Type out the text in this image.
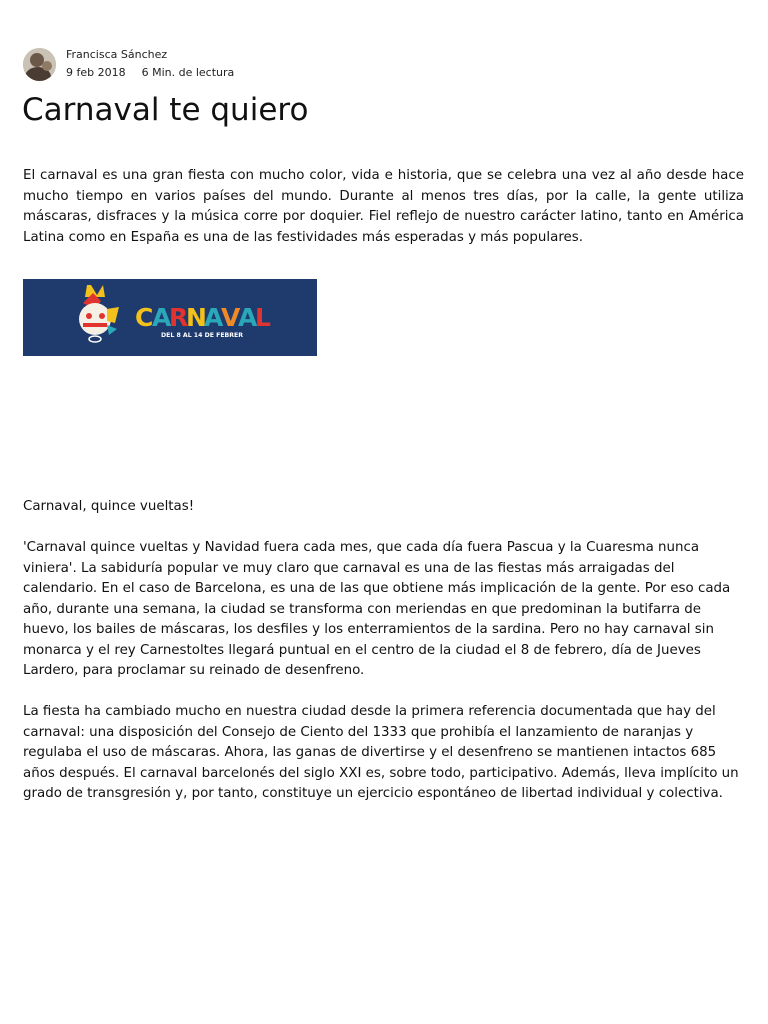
Francisca Sánchez
9 feb 2018 6 Min. de lectura
Carnaval te quiero

El carnaval es una gran fiesta con mucho color, vida e historia, que se celebra una vez al año desde hace mucho tiempo en varios países del mundo. Durante al menos tres días, por la calle, la gente utiliza máscaras, disfraces y la música corre por doquier. Fiel reflejo de nuestro carácter latino, tanto en América Latina como en España es una de las festividades más esperadas y más populares.

C
A
R
N
A
V
A
L
DEL 8 AL 14 DE FEBRER

Carnaval, quince vueltas!

'Carnaval quince vueltas y Navidad fuera cada mes, que cada día fuera Pascua y la Cuaresma nunca viniera'. La sabiduría popular ve muy claro que carnaval es una de las fiestas más arraigadas del calendario. En el caso de Barcelona, es una de las que obtiene más implicación de la gente. Por eso cada año, durante una semana, la ciudad se transforma con meriendas en que predominan la butifarra de huevo, los bailes de máscaras, los desfiles y los enterramientos de la sardina. Pero no hay carnaval sin monarca y el rey Carnestoltes llegará puntual en el centro de la ciudad el 8 de febrero, día de Jueves Lardero, para proclamar su reinado de desenfreno.

La fiesta ha cambiado mucho en nuestra ciudad desde la primera referencia documentada que hay del carnaval: una disposición del Consejo de Ciento del 1333 que prohibía el lanzamiento de naranjas y regulaba el uso de máscaras. Ahora, las ganas de divertirse y el desenfreno se mantienen intactos 685 años después. El carnaval barcelonés del siglo XXI es, sobre todo, participativo. Además, lleva implícito un grado de transgresión y, por tanto, constituye un ejercicio espontáneo de libertad individual y colectiva.
